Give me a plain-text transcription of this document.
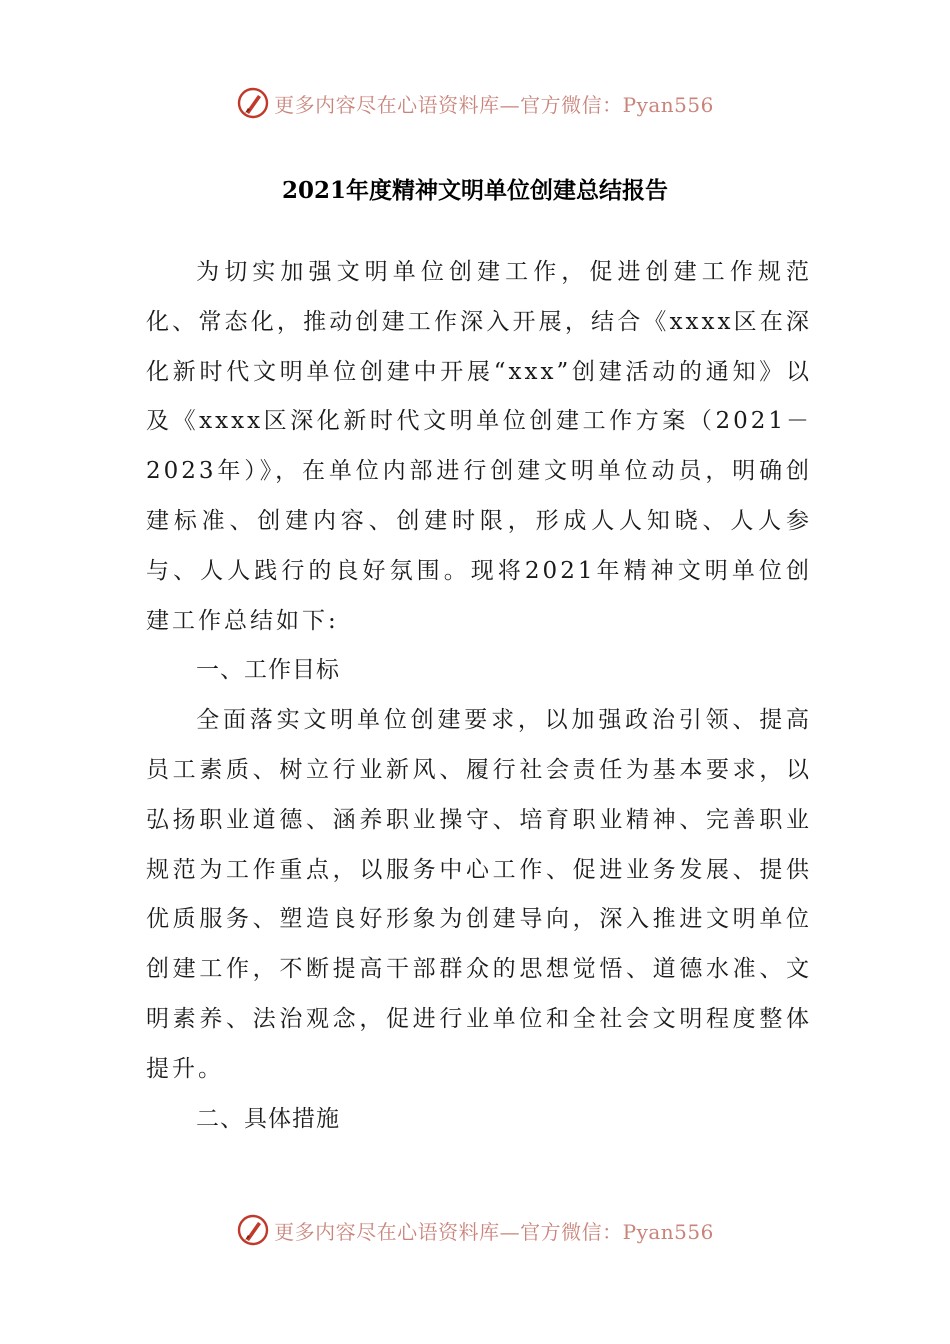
更多内容尽在心语资料库—官方微信：Pyan556
2021年度精神文明单位创建总结报告

为切实加强文明单位创建工作，促进创建工作规范化、常态化，推动创建工作深入开展，结合《xxxx区在深化新时代文明单位创建中开展“xxx”创建活动的通知》以及《xxxx区深化新时代文明单位创建工作方案（2021－2023年）》，在单位内部进行创建文明单位动员，明确创建标准、创建内容、创建时限，形成人人知晓、人人参与、人人践行的良好氛围。现将2021年精神文明单位创建工作总结如下:

一、工作目标

全面落实文明单位创建要求，以加强政治引领、提高员工素质、树立行业新风、履行社会责任为基本要求，以弘扬职业道德、涵养职业操守、培育职业精神、完善职业规范为工作重点，以服务中心工作、促进业务发展、提供优质服务、塑造良好形象为创建导向，深入推进文明单位创建工作，不断提高干部群众的思想觉悟、道德水准、文明素养、法治观念，促进行业单位和全社会文明程度整体提升。

二、具体措施
更多内容尽在心语资料库—官方微信：Pyan556
